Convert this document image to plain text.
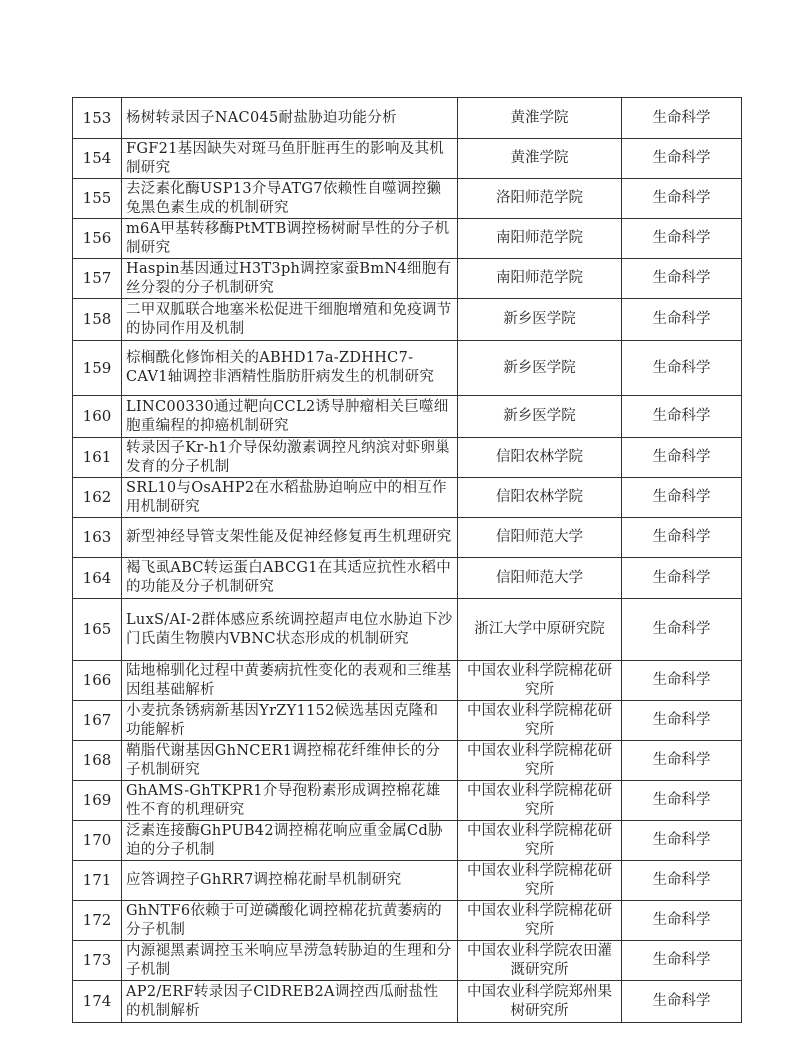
153	杨树转录因子NAC045耐盐胁迫功能分析	黄淮学院	生命科学
154	FGF21基因缺失对斑马鱼肝脏再生的影响及其机制研究	黄淮学院	生命科学
155	去泛素化酶USP13介导ATG7依赖性自噬调控獭兔黑色素生成的机制研究	洛阳师范学院	生命科学
156	m6A甲基转移酶PtMTB调控杨树耐旱性的分子机制研究	南阳师范学院	生命科学
157	Haspin基因通过H3T3ph调控家蚕BmN4细胞有丝分裂的分子机制研究	南阳师范学院	生命科学
158	二甲双胍联合地塞米松促进干细胞增殖和免疫调节的协同作用及机制	新乡医学院	生命科学
159	棕榈酰化修饰相关的ABHD17a-ZDHHC7-CAV1轴调控非酒精性脂肪肝病发生的机制研究	新乡医学院	生命科学
160	LINC00330通过靶向CCL2诱导肿瘤相关巨噬细胞重编程的抑癌机制研究	新乡医学院	生命科学
161	转录因子Kr-h1介导保幼激素调控凡纳滨对虾卵巢发育的分子机制	信阳农林学院	生命科学
162	SRL10与OsAHP2在水稻盐胁迫响应中的相互作用机制研究	信阳农林学院	生命科学
163	新型神经导管支架性能及促神经修复再生机理研究	信阳师范大学	生命科学
164	褐飞虱ABC转运蛋白ABCG1在其适应抗性水稻中的功能及分子机制研究	信阳师范大学	生命科学
165	LuxS/AI-2群体感应系统调控超声电位水胁迫下沙门氏菌生物膜内VBNC状态形成的机制研究	浙江大学中原研究院	生命科学
166	陆地棉驯化过程中黄萎病抗性变化的表观和三维基因组基础解析	中国农业科学院棉花研究所	生命科学
167	小麦抗条锈病新基因YrZY1152候选基因克隆和功能解析	中国农业科学院棉花研究所	生命科学
168	鞘脂代谢基因GhNCER1调控棉花纤维伸长的分子机制研究	中国农业科学院棉花研究所	生命科学
169	GhAMS-GhTKPR1介导孢粉素形成调控棉花雄性不育的机理研究	中国农业科学院棉花研究所	生命科学
170	泛素连接酶GhPUB42调控棉花响应重金属Cd胁迫的分子机制	中国农业科学院棉花研究所	生命科学
171	应答调控子GhRR7调控棉花耐旱机制研究	中国农业科学院棉花研究所	生命科学
172	GhNTF6依赖于可逆磷酸化调控棉花抗黄萎病的分子机制	中国农业科学院棉花研究所	生命科学
173	内源褪黑素调控玉米响应旱涝急转胁迫的生理和分子机制	中国农业科学院农田灌溉研究所	生命科学
174	AP2/ERF转录因子ClDREB2A调控西瓜耐盐性的机制解析	中国农业科学院郑州果树研究所	生命科学
